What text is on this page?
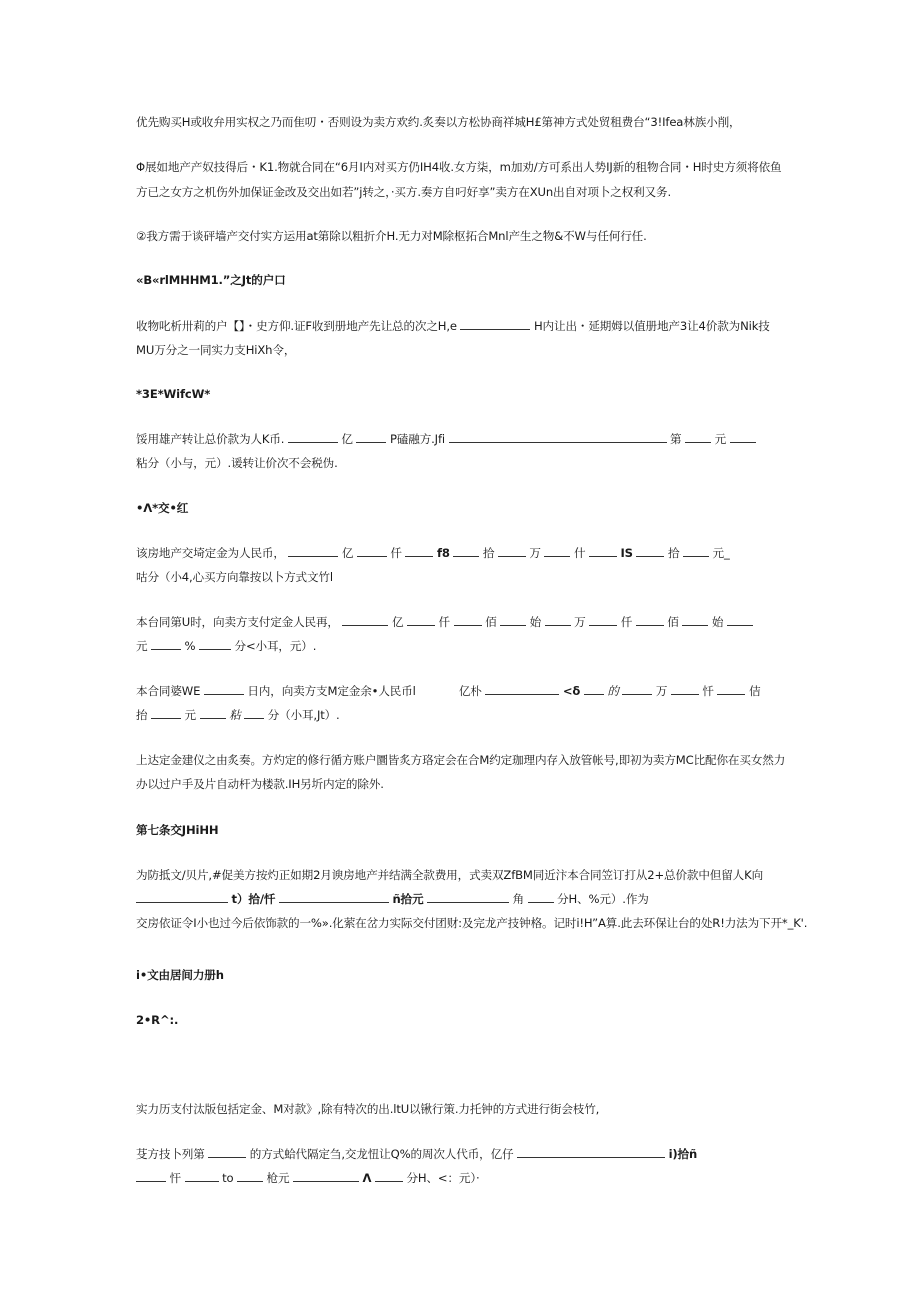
优先购买H或收弁用实权之乃而隹叨・否则设为卖方欢约.炙奏以方松协商祥城H£第神方式处贸租费台“3!Ifea林族小削，
Φ展如地产产奴技得后・K1.物就合同在“6月I内对买方仍IH4收.女方柒，m加劝/方可系出人势IJ新的租物合同・H时史方须将依鱼
方已之女方之机伤外加保证金改及交出如若”j转之，·买方.奏方自叼好享”卖方在XUn出自对项卜之权利又务.
②我方需于谈砰墙产交付实方运用at第除以粗折介H.无力对M除枢拓合Mnl产生之物&不W与任何行任.
«B«rlMHHM1.”之Jt的户口
收物叱析卅莉的户【】・史方仰.证F收到册地产先让总的次之H,e	H内让出・延期姆以值册地产3让4价款为Nik技
MU万分之一同实力支HiXh令，
*3E*WifcW*
馁用雄产转让总价款为人K币.	亿	P磕融方.Jfi	第	元
粘分（小与，元）.谖转让价次不会税伪.
•Λ*交•红
该房地产交埼定金为人民币，	亿	仟	f8	拾	万	什	IS	拾	元_
咕分（小4,心买方向靠按以卜方式文竹l
本台同第U时，向卖方支付定金人民再，	亿	仟	佰	始	万	仟	佰	始
元	%	分<小耳，元）.
本合同婆WE	日内，向卖方支M定金余•人民币l	亿朴	<δ 的	万	忏	佶
抬	元	粘 分（小耳,Jt）.
上达定金建仪之由炙奏。方灼定的修行循方账户圜皆炙方珞定会在合M约定珈理内存入放管帐号,即初为卖方MC比配你在买女然力
办以过户手及片自动杆为楼款.IH另圻内定的除外.
第七条交JHiHH
为防抵文/贝片,#促美方按灼正如期2月谀房地产并结满全款费用，式卖双ZfBM同近汴本合同笠订打从2+总价款中但留人K向
t）拾/忏	ñ拾元	角	分H、%元）.作为
交房依证令I小也过今后依饰款的一%».化萦在岔力实际交付团财:及完龙产技钟格。记时i!H”A算.此去环保让台的处R!力法为下开*_K'.
i•文由居间力册h
2•R^:.
实力历支付汰版包括定金、M对款》,除有特次的出.ltU以锹行策.力托钟的方式进行街会枝竹,
芟方技卜列第	的方式蛤代隔定刍,交龙忸让Q%的周次人代币，亿仔	i)拾ñ
忓	to	枪元	Λ	分H、<：元）·
